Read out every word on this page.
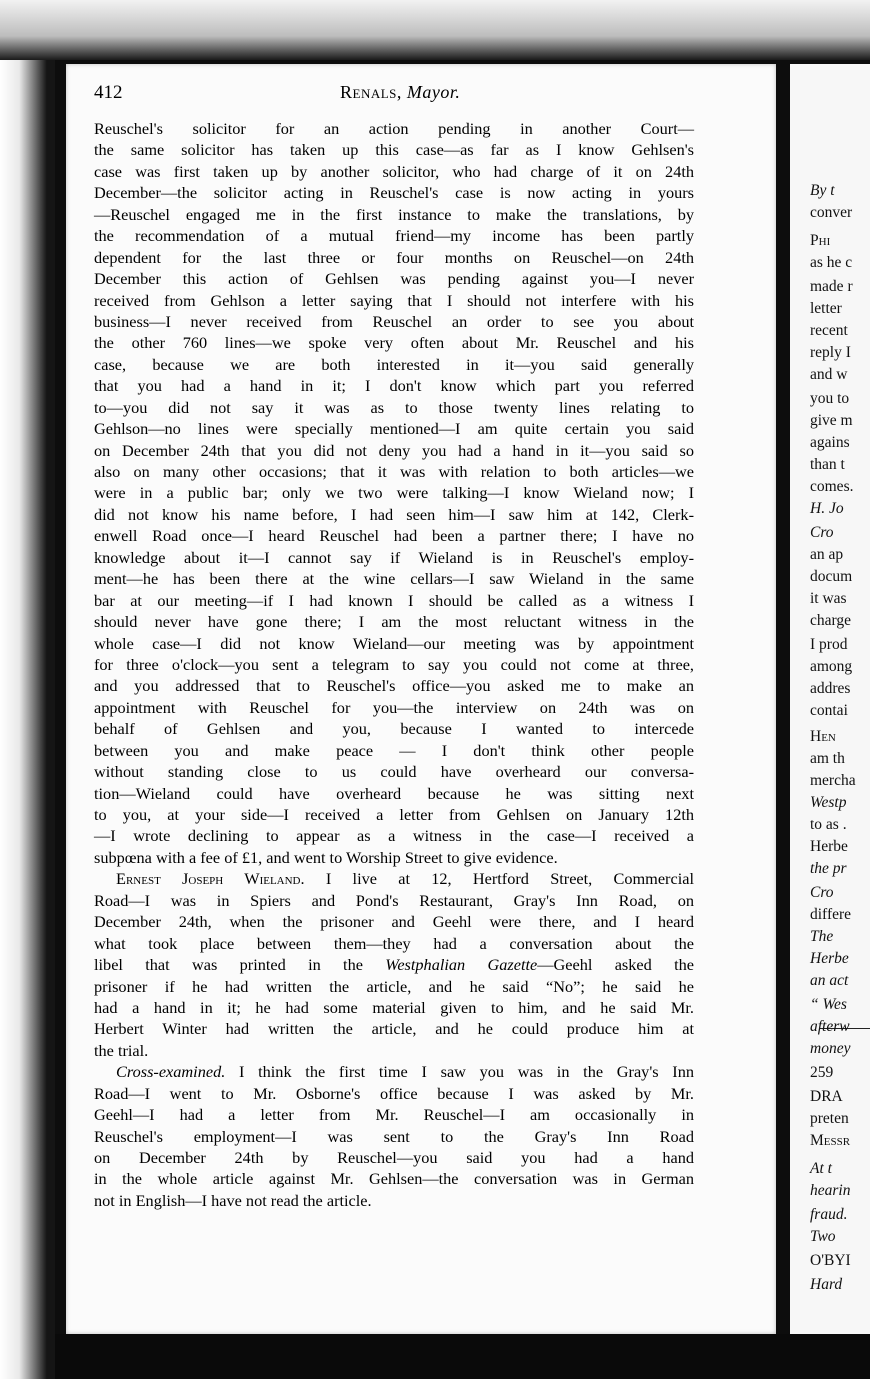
412	Renals, Mayor.
Reuschel's solicitor for an action pending in another Court—
the same solicitor has taken up this case—as far as I know Gehlsen's
case was first taken up by another solicitor, who had charge of it on 24th
December—the solicitor acting in Reuschel's case is now acting in yours
—Reuschel engaged me in the first instance to make the translations, by
the recommendation of a mutual friend—my income has been partly
dependent for the last three or four months on Reuschel—on 24th
December this action of Gehlsen was pending against you—I never
received from Gehlson a letter saying that I should not interfere with his
business—I never received from Reuschel an order to see you about
the other 760 lines—we spoke very often about Mr. Reuschel and his
case, because we are both interested in it—you said generally
that you had a hand in it; I don't know which part you referred
to—you did not say it was as to those twenty lines relating to
Gehlson—no lines were specially mentioned—I am quite certain you said
on December 24th that you did not deny you had a hand in it—you said so
also on many other occasions; that it was with relation to both articles—we
were in a public bar; only we two were talking—I know Wieland now; I
did not know his name before, I had seen him—I saw him at 142, Clerk-
enwell Road once—I heard Reuschel had been a partner there; I have no
knowledge about it—I cannot say if Wieland is in Reuschel's employ-
ment—he has been there at the wine cellars—I saw Wieland in the same
bar at our meeting—if I had known I should be called as a witness I
should never have gone there; I am the most reluctant witness in the
whole case—I did not know Wieland—our meeting was by appointment
for three o'clock—you sent a telegram to say you could not come at three,
and you addressed that to Reuschel's office—you asked me to make an
appointment with Reuschel for you—the interview on 24th was on
behalf of Gehlsen and you, because I wanted to intercede
between you and make peace — I don't think other people
without standing close to us could have overheard our conversa-
tion—Wieland could have overheard because he was sitting next
to you, at your side—I received a letter from Gehlsen on January 12th
—I wrote declining to appear as a witness in the case—I received a
subpœna with a fee of £1, and went to Worship Street to give evidence.
Ernest Joseph Wieland. I live at 12, Hertford Street, Commercial
Road—I was in Spiers and Pond's Restaurant, Gray's Inn Road, on
December 24th, when the prisoner and Geehl were there, and I heard
what took place between them—they had a conversation about the
libel that was printed in the Westphalian Gazette—Geehl asked the
prisoner if he had written the article, and he said “No”; he said he
had a hand in it; he had some material given to him, and he said Mr.
Herbert Winter had written the article, and he could produce him at
the trial.
Cross-examined. I think the first time I saw you was in the Gray's Inn
Road—I went to Mr. Osborne's office because I was asked by Mr.
Geehl—I had a letter from Mr. Reuschel—I am occasionally in
Reuschel's employment—I was sent to the Gray's Inn Road
on December 24th by Reuschel—you said you had a hand
in the whole article against Mr. Gehlsen—the conversation was in German
not in English—I have not read the article.
By t
conver
Phi
as he c
made r
letter
recent
reply I
and w
you to
give m
agains
than t
comes.
H. Jo
Cro
an ap
docum
it was
charge
I prod
among
addres
contai
Hen
am th
mercha
Westp
to as .
Herbe
the pr
Cro
differe
The
Herbe
an act
“ Wes
afterw
money
259
DRA
preten
Messr
At t
hearin
fraud.
Two
O'BYI
Hard
